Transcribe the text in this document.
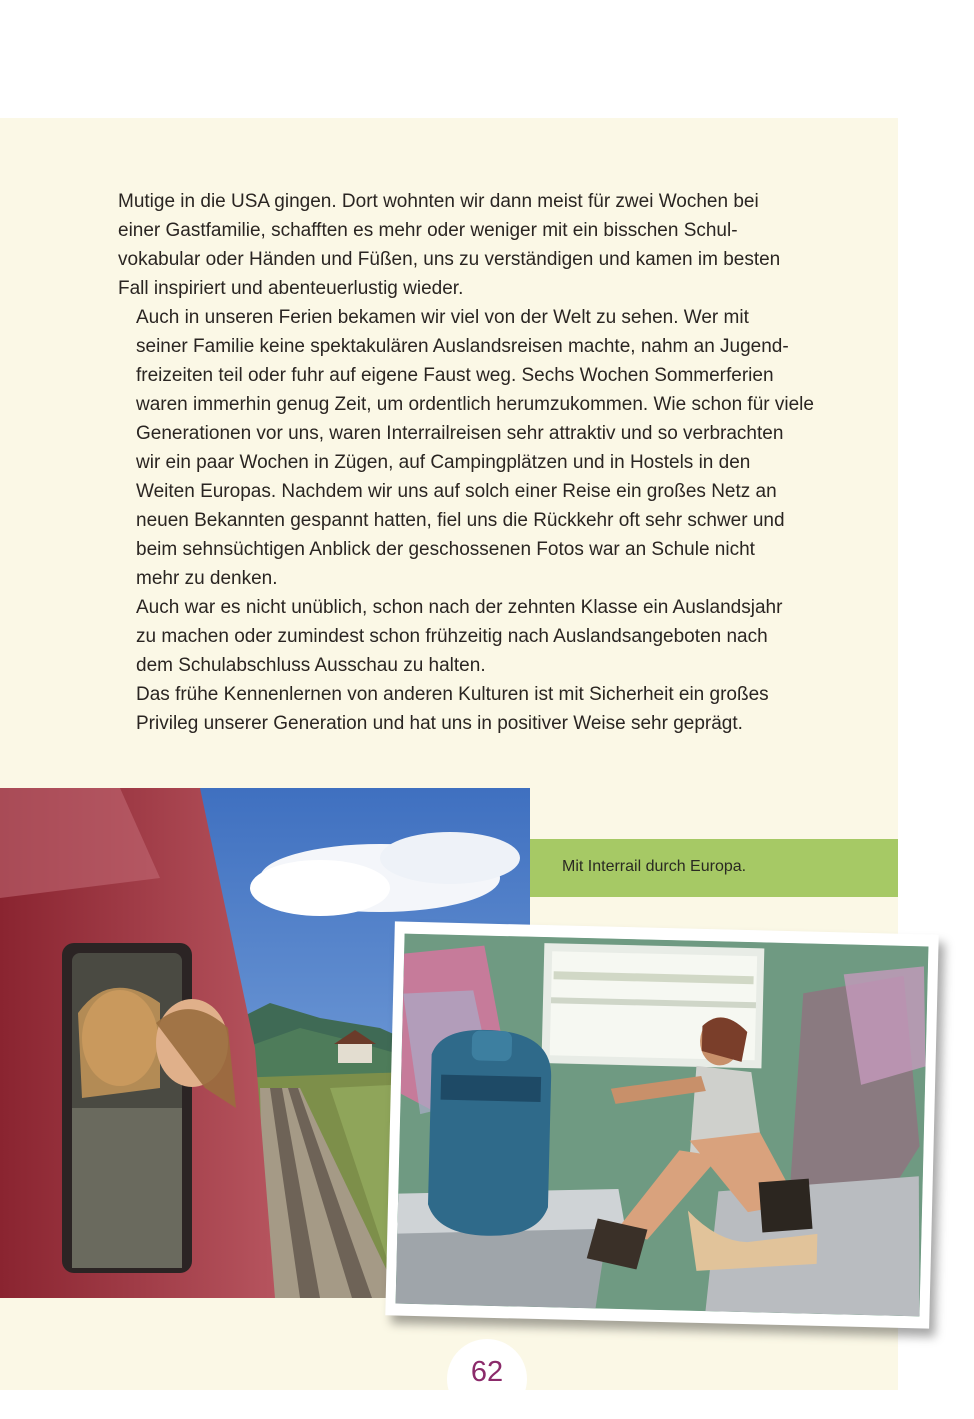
Mutige in die USA gingen. Dort wohnten wir dann meist für zwei Wochen bei
einer Gastfamilie, schafften es mehr oder weniger mit ein bisschen Schul-
vokabular oder Händen und Füßen, uns zu verständigen und kamen im besten
Fall inspiriert und abenteuerlustig wieder.

Auch in unseren Ferien bekamen wir viel von der Welt zu sehen. Wer mit
seiner Familie keine spektakulären Auslandsreisen machte, nahm an Jugend-
freizeiten teil oder fuhr auf eigene Faust weg. Sechs Wochen Sommerferien
waren immerhin genug Zeit, um ordentlich herumzukommen. Wie schon für viele
Generationen vor uns, waren Interrailreisen sehr attraktiv und so verbrachten
wir ein paar Wochen in Zügen, auf Campingplätzen und in Hostels in den
Weiten Europas. Nachdem wir uns auf solch einer Reise ein großes Netz an
neuen Bekannten gespannt hatten, fiel uns die Rückkehr oft sehr schwer und
beim sehnsüchtigen Anblick der geschossenen Fotos war an Schule nicht
mehr zu denken.

Auch war es nicht unüblich, schon nach der zehnten Klasse ein Auslandsjahr
zu machen oder zumindest schon frühzeitig nach Auslandsangeboten nach
dem Schulabschluss Ausschau zu halten.

Das frühe Kennenlernen von anderen Kulturen ist mit Sicherheit ein großes
Privileg unserer Generation und hat uns in positiver Weise sehr geprägt.

Mit Interrail durch Europa.
62
